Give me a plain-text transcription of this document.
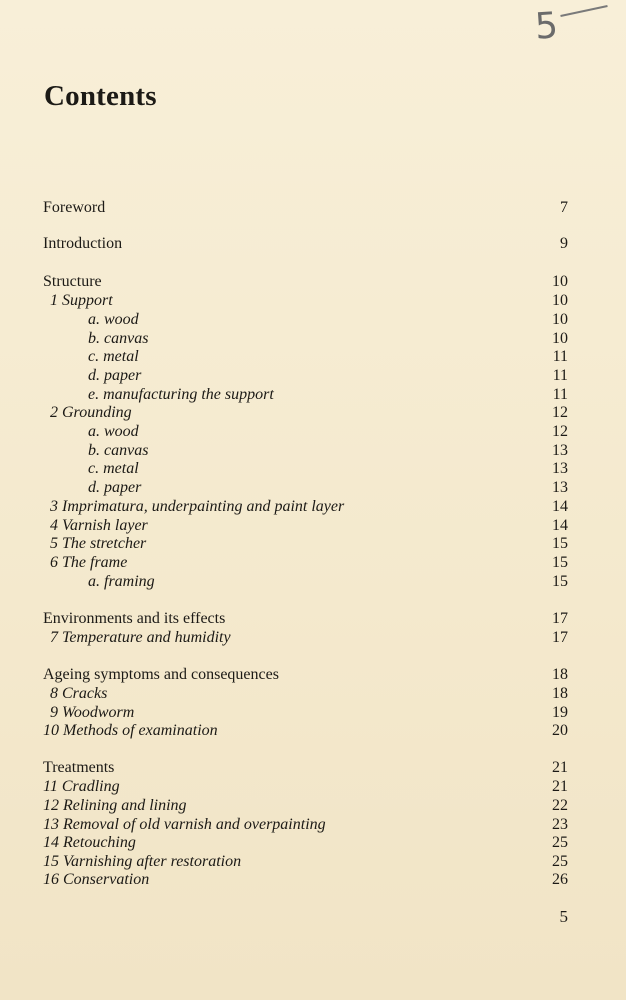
5
Contents
Foreword	7
Introduction	9
Structure	10
1 Support	10
a. wood	10
b. canvas	10
c. metal	11
d. paper	11
e. manufacturing the support	11
2 Grounding	12
a. wood	12
b. canvas	13
c. metal	13
d. paper	13
3 Imprimatura, underpainting and paint layer	14
4 Varnish layer	14
5 The stretcher	15
6 The frame	15
a. framing	15
Environments and its effects	17
7 Temperature and humidity	17
Ageing symptoms and consequences	18
8 Cracks	18
9 Woodworm	19
10 Methods of examination	20
Treatments	21
11 Cradling	21
12 Relining and lining	22
13 Removal of old varnish and overpainting	23
14 Retouching	25
15 Varnishing after restoration	25
16 Conservation	26
5
